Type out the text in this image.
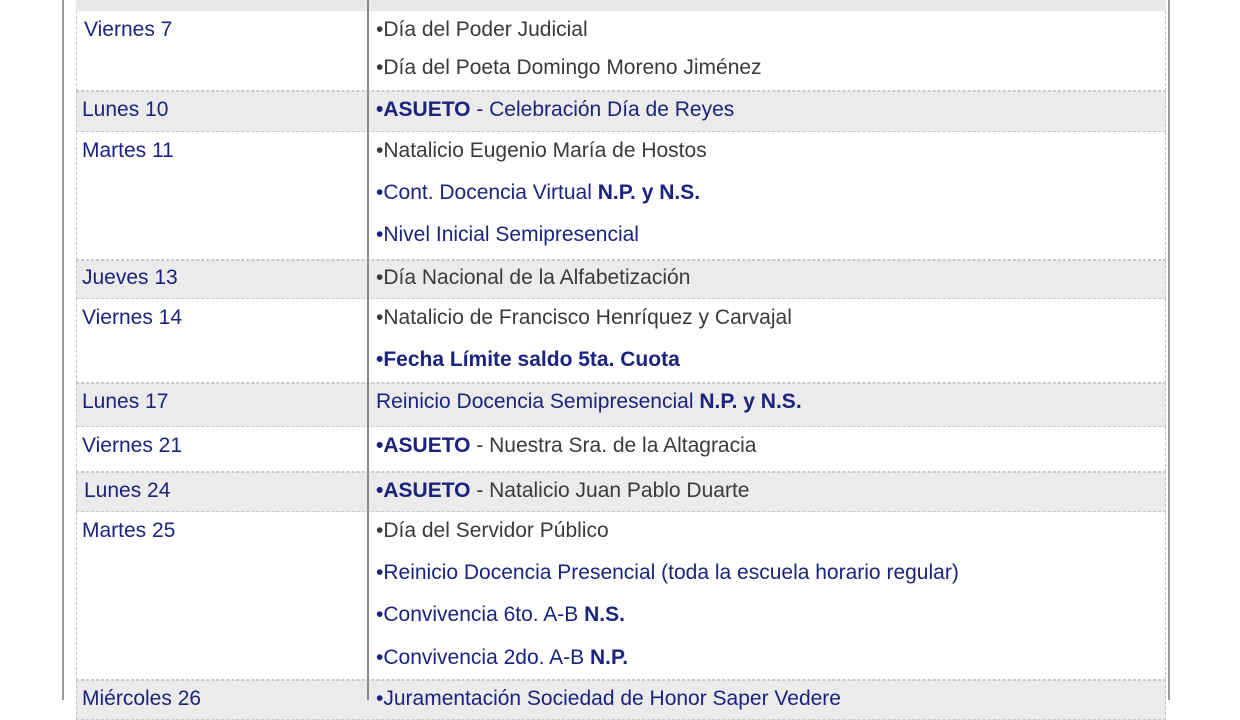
Viernes 7	•Día del Poder Judicial
•Día del Poeta Domingo Moreno Jiménez
Lunes 10	•ASUETO - Celebración Día de Reyes
Martes 11	•Natalicio Eugenio María de Hostos
•Cont. Docencia Virtual N.P. y N.S.
•Nivel Inicial Semipresencial
Jueves 13	•Día Nacional de la Alfabetización
Viernes 14	•Natalicio de Francisco Henríquez y Carvajal
•Fecha Límite saldo 5ta. Cuota
Lunes 17	Reinicio Docencia Semipresencial N.P. y N.S.
Viernes 21	•ASUETO - Nuestra Sra. de la Altagracia
Lunes 24	•ASUETO - Natalicio Juan Pablo Duarte
Martes 25	•Día del Servidor Público
•Reinicio Docencia Presencial (toda la escuela horario regular)
•Convivencia 6to. A-B N.S.
•Convivencia 2do. A-B N.P.
Miércoles 26	•Juramentación Sociedad de Honor Saper Vedere
